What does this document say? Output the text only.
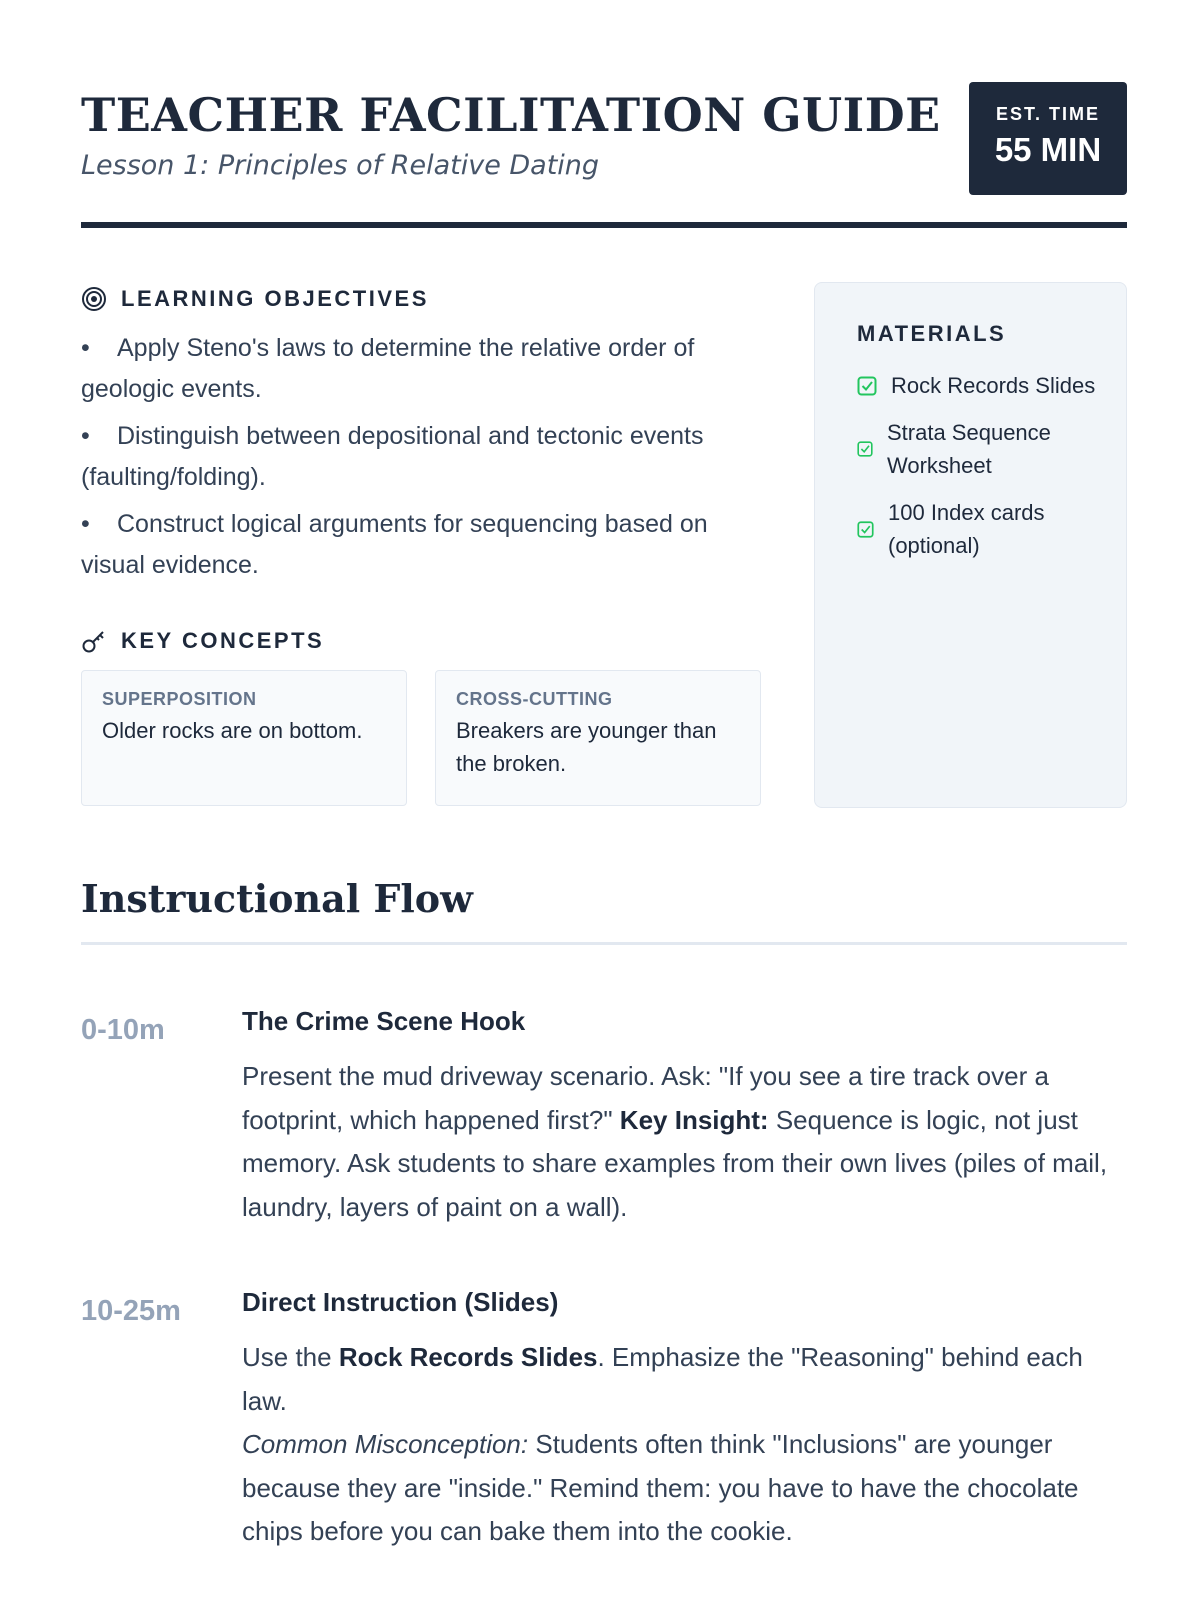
TEACHER FACILITATION GUIDE
Lesson 1: Principles of Relative Dating
EST. TIME
55 MIN
LEARNING OBJECTIVES
• Apply Steno's laws to determine the relative order of geologic events.
• Distinguish between depositional and tectonic events (faulting/folding).
• Construct logical arguments for sequencing based on visual evidence.
KEY CONCEPTS
SUPERPOSITION
Older rocks are on bottom.
CROSS-CUTTING
Breakers are younger than the broken.
MATERIALS
Rock Records Slides
Strata Sequence Worksheet
100 Index cards (optional)
Instructional Flow
0-10m	The Crime Scene Hook
Present the mud driveway scenario. Ask: "If you see a tire track over a footprint, which happened first?" Key Insight: Sequence is logic, not just memory. Ask students to share examples from their own lives (piles of mail, laundry, layers of paint on a wall).
10-25m Direct Instruction (Slides)
Use the Rock Records Slides. Emphasize the "Reasoning" behind each law.
Common Misconception: Students often think "Inclusions" are younger because they are "inside." Remind them: you have to have the chocolate chips before you can bake them into the cookie.
